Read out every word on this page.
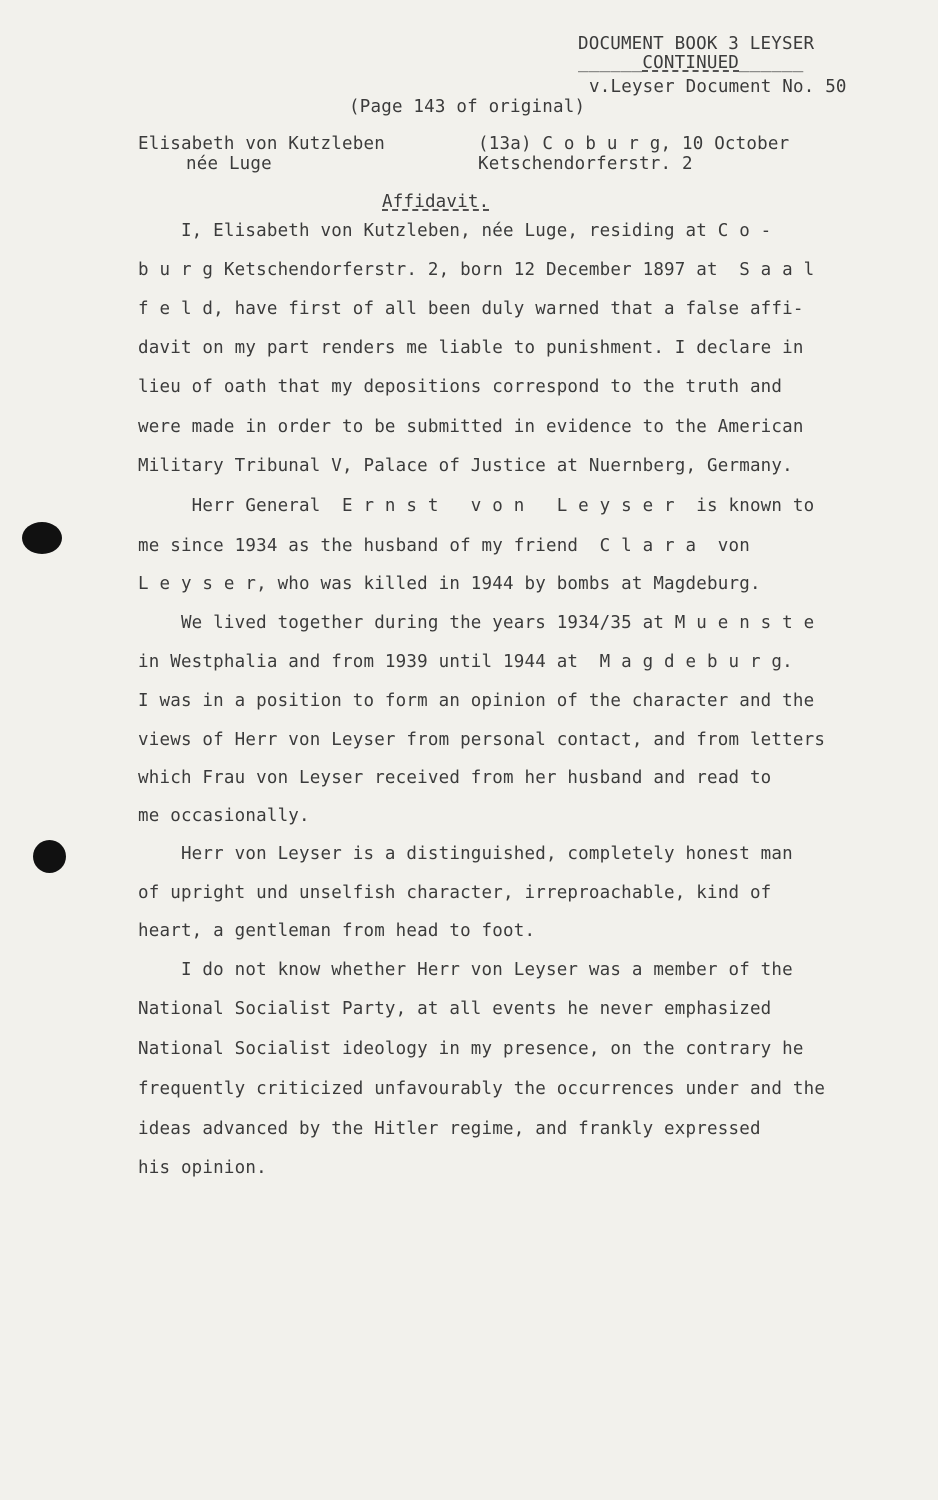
DOCUMENT BOOK 3 LEYSER
______CONTINUED______
v.Leyser Document No. 50
(Page 143 of original)
Elisabeth von Kutzleben
née Luge
(13a) C o b u r g, 10 October
Ketschendorferstr. 2
Affidavit.
I, Elisabeth von Kutzleben, née Luge, residing at C o -
b u r g Ketschendorferstr. 2, born 12 December 1897 at  S a a l
f e l d, have first of all been duly warned that a false affi-
davit on my part renders me liable to punishment. I declare in
lieu of oath that my depositions correspond to the truth and
were made in order to be submitted in evidence to the American
Military Tribunal V, Palace of Justice at Nuernberg, Germany.
Herr General  E r n s t   v o n   L e y s e r  is known to
me since 1934 as the husband of my friend  C l a r a  von
L e y s e r, who was killed in 1944 by bombs at Magdeburg.
We lived together during the years 1934/35 at M u e n s t e
in Westphalia and from 1939 until 1944 at  M a g d e b u r g.
I was in a position to form an opinion of the character and the
views of Herr von Leyser from personal contact, and from letters
which Frau von Leyser received from her husband and read to
me occasionally.
Herr von Leyser is a distinguished, completely honest man
of upright und unselfish character, irreproachable, kind of
heart, a gentleman from head to foot.
I do not know whether Herr von Leyser was a member of the
National Socialist Party, at all events he never emphasized
National Socialist ideology in my presence, on the contrary he
frequently criticized unfavourably the occurrences under and the
ideas advanced by the Hitler regime, and frankly expressed
his opinion.
